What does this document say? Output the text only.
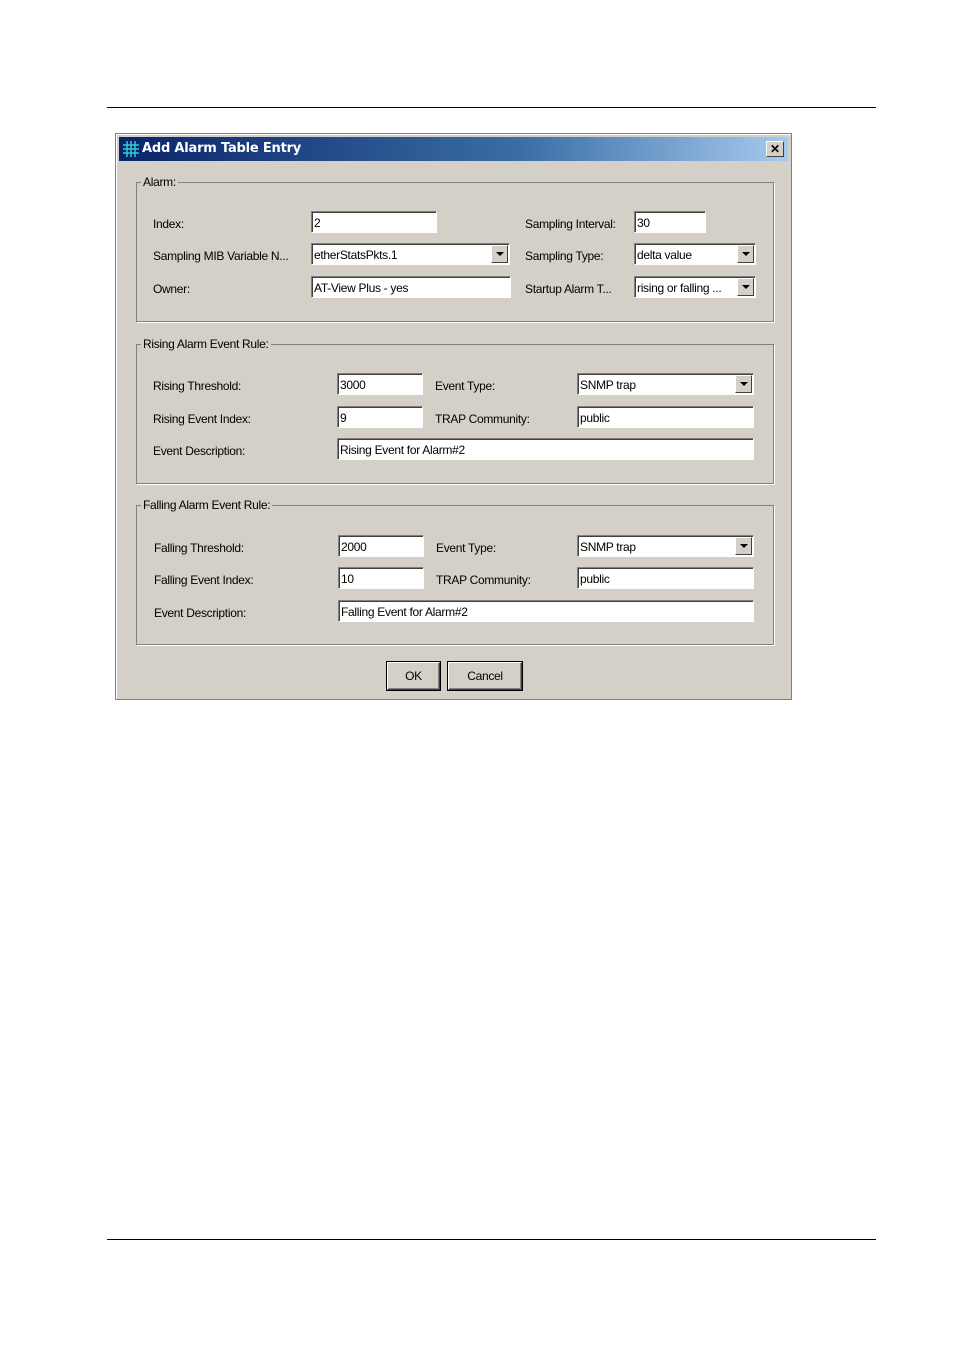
Add Alarm Table Entry	✕
Alarm:
Index:	2	Sampling Interval: 30
Sampling MIB Variable N... etherStatsPkts.1	Sampling Type:	delta value
Owner:	AT-View Plus - yes	Startup Alarm T... rising or falling ...
Rising Alarm Event Rule:
Rising Threshold:	3000	Event Type:	SNMP trap
Rising Event Index:	9	TRAP Community:	public
Event Description:	Rising Event for Alarm#2
Falling Alarm Event Rule:
Falling Threshold:	2000	Event Type:	SNMP trap
Falling Event Index:	10	TRAP Community:	public
Event Description:	Falling Event for Alarm#2
OK	Cancel
